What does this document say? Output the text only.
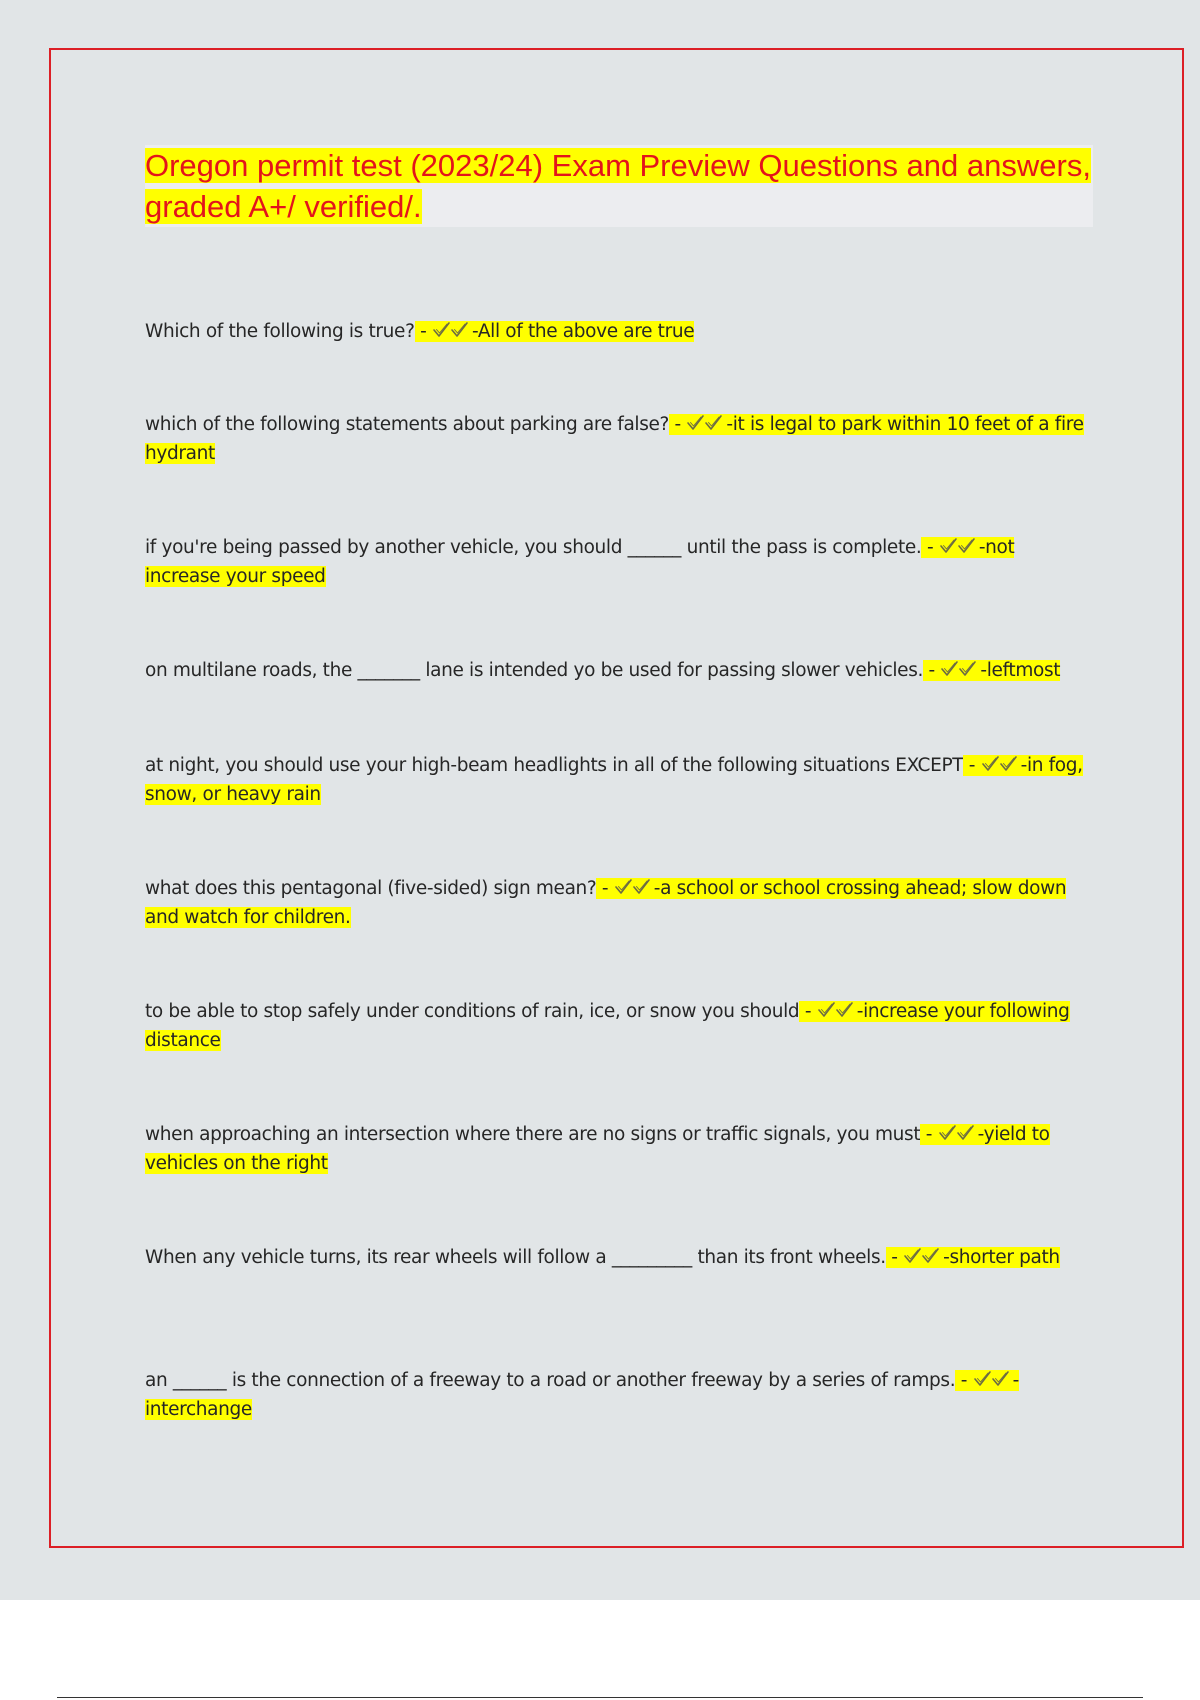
Oregon permit test (2023/24) Exam Preview Questions and answers, graded A+/ verified/.
Which of the following is true? - -All of the above are true
which of the following statements about parking are false? - -it is legal to park within 10 feet of a fire hydrant
if you're being passed by another vehicle, you should ______ until the pass is complete. - -not increase your speed
on multilane roads, the _______ lane is intended yo be used for passing slower vehicles. - -leftmost
at night, you should use your high-beam headlights in all of the following situations EXCEPT - -in fog, snow, or heavy rain
what does this pentagonal (five-sided) sign mean? - -a school or school crossing ahead; slow down and watch for children.
to be able to stop safely under conditions of rain, ice, or snow you should - -increase your following distance
when approaching an intersection where there are no signs or traffic signals, you must - -yield to vehicles on the right
When any vehicle turns, its rear wheels will follow a _________ than its front wheels. - -shorter path
an ______ is the connection of a freeway to a road or another freeway by a series of ramps. - -interchange
